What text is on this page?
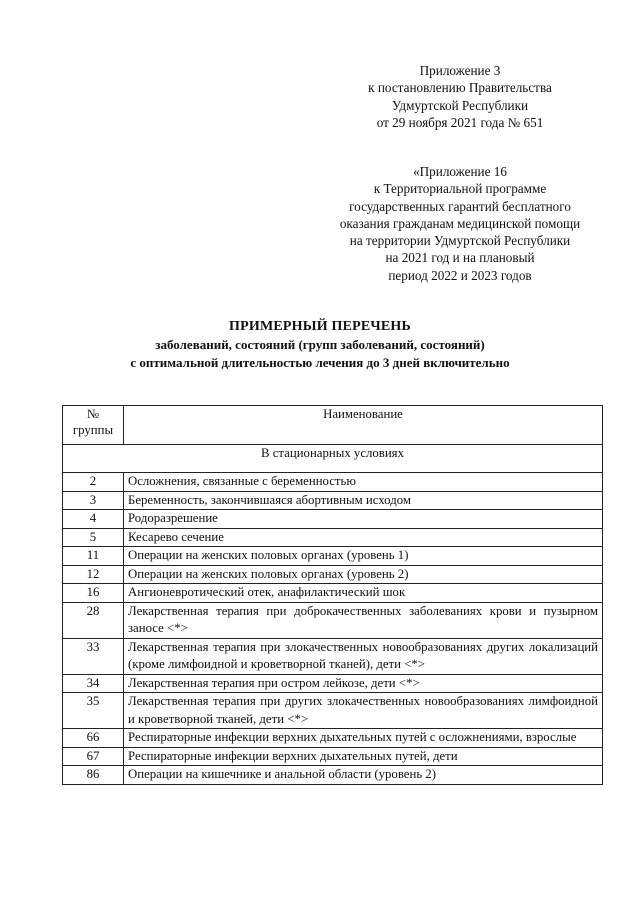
Приложение 3
к постановлению Правительства
Удмуртской Республики
от 29 ноября 2021 года № 651
«Приложение 16
к Территориальной программе
государственных гарантий бесплатного
оказания гражданам медицинской помощи
на территории Удмуртской Республики
на 2021 год и на плановый
период 2022 и 2023 годов
ПРИМЕРНЫЙ ПЕРЕЧЕНЬ
заболеваний, состояний (групп заболеваний, состояний)
с оптимальной длительностью лечения до 3 дней включительно
№
группы	Наименование
В стационарных условиях	
2	Осложнения, связанные с беременностью
3	Беременность, закончившаяся абортивным исходом
4	Родоразрешение
5	Кесарево сечение
11	Операции на женских половых органах (уровень 1)
12	Операции на женских половых органах (уровень 2)
16	Ангионевротический отек, анафилактический шок
28	Лекарственная терапия при доброкачественных заболеваниях крови и пузырном заносе <*>
33	Лекарственная терапия при злокачественных новообразованиях других локализаций (кроме лимфоидной и кроветворной тканей), дети <*>
34	Лекарственная терапия при остром лейкозе, дети <*>
35	Лекарственная терапия при других злокачественных новообразованиях лимфоидной и кроветворной тканей, дети <*>
66	Респираторные инфекции верхних дыхательных путей с осложнениями, взрослые
67	Респираторные инфекции верхних дыхательных путей, дети
86	Операции на кишечнике и анальной области (уровень 2)
